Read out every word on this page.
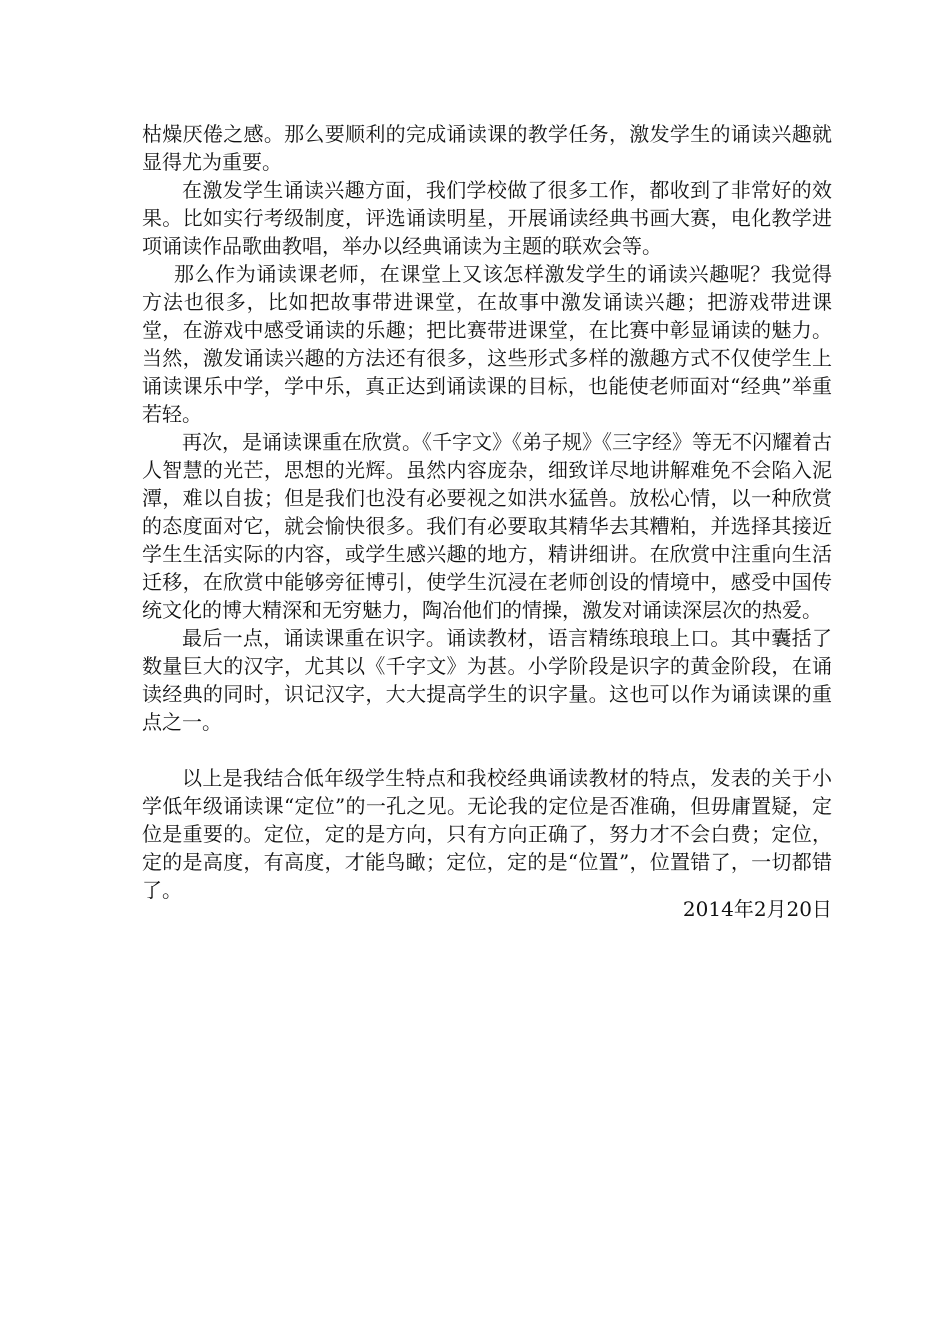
枯燥厌倦之感。那么要顺利的完成诵读课的教学任务，激发学生的诵读兴趣就显得尤为重要。

在激发学生诵读兴趣方面，我们学校做了很多工作，都收到了非常好的效果。比如实行考级制度，评选诵读明星，开展诵读经典书画大赛，电化教学进项诵读作品歌曲教唱，举办以经典诵读为主题的联欢会等。

那么作为诵读课老师，在课堂上又该怎样激发学生的诵读兴趣呢？我觉得方法也很多，比如把故事带进课堂，在故事中激发诵读兴趣；把游戏带进课堂，在游戏中感受诵读的乐趣；把比赛带进课堂，在比赛中彰显诵读的魅力。当然，激发诵读兴趣的方法还有很多，这些形式多样的激趣方式不仅使学生上诵读课乐中学，学中乐，真正达到诵读课的目标，也能使老师面对“经典”举重若轻。

再次，是诵读课重在欣赏。《千字文》《弟子规》《三字经》等无不闪耀着古人智慧的光芒，思想的光辉。虽然内容庞杂，细致详尽地讲解难免不会陷入泥潭，难以自拔；但是我们也没有必要视之如洪水猛兽。放松心情，以一种欣赏的态度面对它，就会愉快很多。我们有必要取其精华去其糟粕，并选择其接近学生生活实际的内容，或学生感兴趣的地方，精讲细讲。在欣赏中注重向生活迁移，在欣赏中能够旁征博引，使学生沉浸在老师创设的情境中，感受中国传统文化的博大精深和无穷魅力，陶冶他们的情操，激发对诵读深层次的热爱。

最后一点，诵读课重在识字。诵读教材，语言精练琅琅上口。其中囊括了数量巨大的汉字，尤其以《千字文》为甚。小学阶段是识字的黄金阶段，在诵读经典的同时，识记汉字，大大提高学生的识字量。这也可以作为诵读课的重点之一。

以上是我结合低年级学生特点和我校经典诵读教材的特点，发表的关于小学低年级诵读课“定位”的一孔之见。无论我的定位是否准确，但毋庸置疑，定位是重要的。定位，定的是方向，只有方向正确了，努力才不会白费；定位，定的是高度，有高度，才能鸟瞰；定位，定的是“位置”，位置错了，一切都错了。

2014年2月20日
